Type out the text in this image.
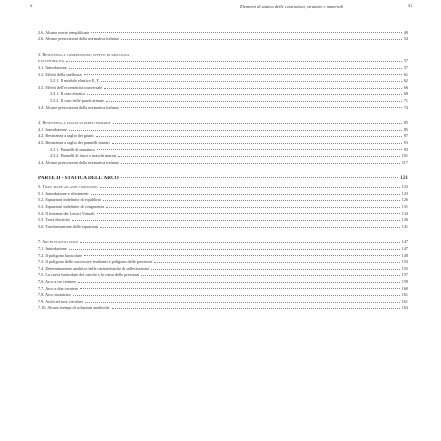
x	Elementi di statica delle costruzioni, strutture e materiali	xi
2.6. Alcune teorie semplificate	49
2.6. Alcune prescrizioni della normativa italiana	54
3. Resistenza a compressione: effetti di snellezza
e eccentricità	57
3.1. Introduzione	57
3.2. Effetti della snellezza	61
3.2.1. Il modulo elastico E_T	62
3.3. Effetti dell'eccentricità trasversale	66
3.3.1. Il caso elastico	68
3.3.2. Il caso delle pareti armate	71
3.4. Alcune prescrizioni della normativa italiana	74
4. Resistenza a taglio di pareti murarie	85
4.1. Introduzione	85
4.2. Resistenza a taglio dei giunti	87
4.3. Resistenza a taglio dei pannelli murari	93
4.3.1. Pannelli di muratura	93
4.3.2. Pannelli di fasce e maschi murari	101
4.4. Alcune prescrizioni della normativa italiana	117
PARTE II - STATICA DELL'ARCO	121
5. Travi piane ad asse curvilineo	123
5.1. Introduzione e riferimenti	123
5.2. Equazioni indefinite di equilibrio	126
5.3. Equazioni indefinite di congruenza	131
5.4. Il teorema dei Lavori Virtuali	134
5.5. Travi elastiche	136
5.6. Trasformazione delle equazioni	141
7. Archi elastici piani	147
7.1. Introduzione	147
7.2. Il poligono funicolare	148
7.3. Il poligono delle successive risultanti e poligono delle pressioni	153
7.4. Determinazione analitica delle caratteristiche di sollecitazione	155
7.5. La curva funicolare dei carichi e la curva delle pressioni	157
7.6. Arco a tre cerniere	159
7.7. Arco a due cerniere	160
7.8. Arco incastrato	161
7.9. Archi ad asse circolare	161
7.10. Alcuni esempi di soluzioni analitiche	163
